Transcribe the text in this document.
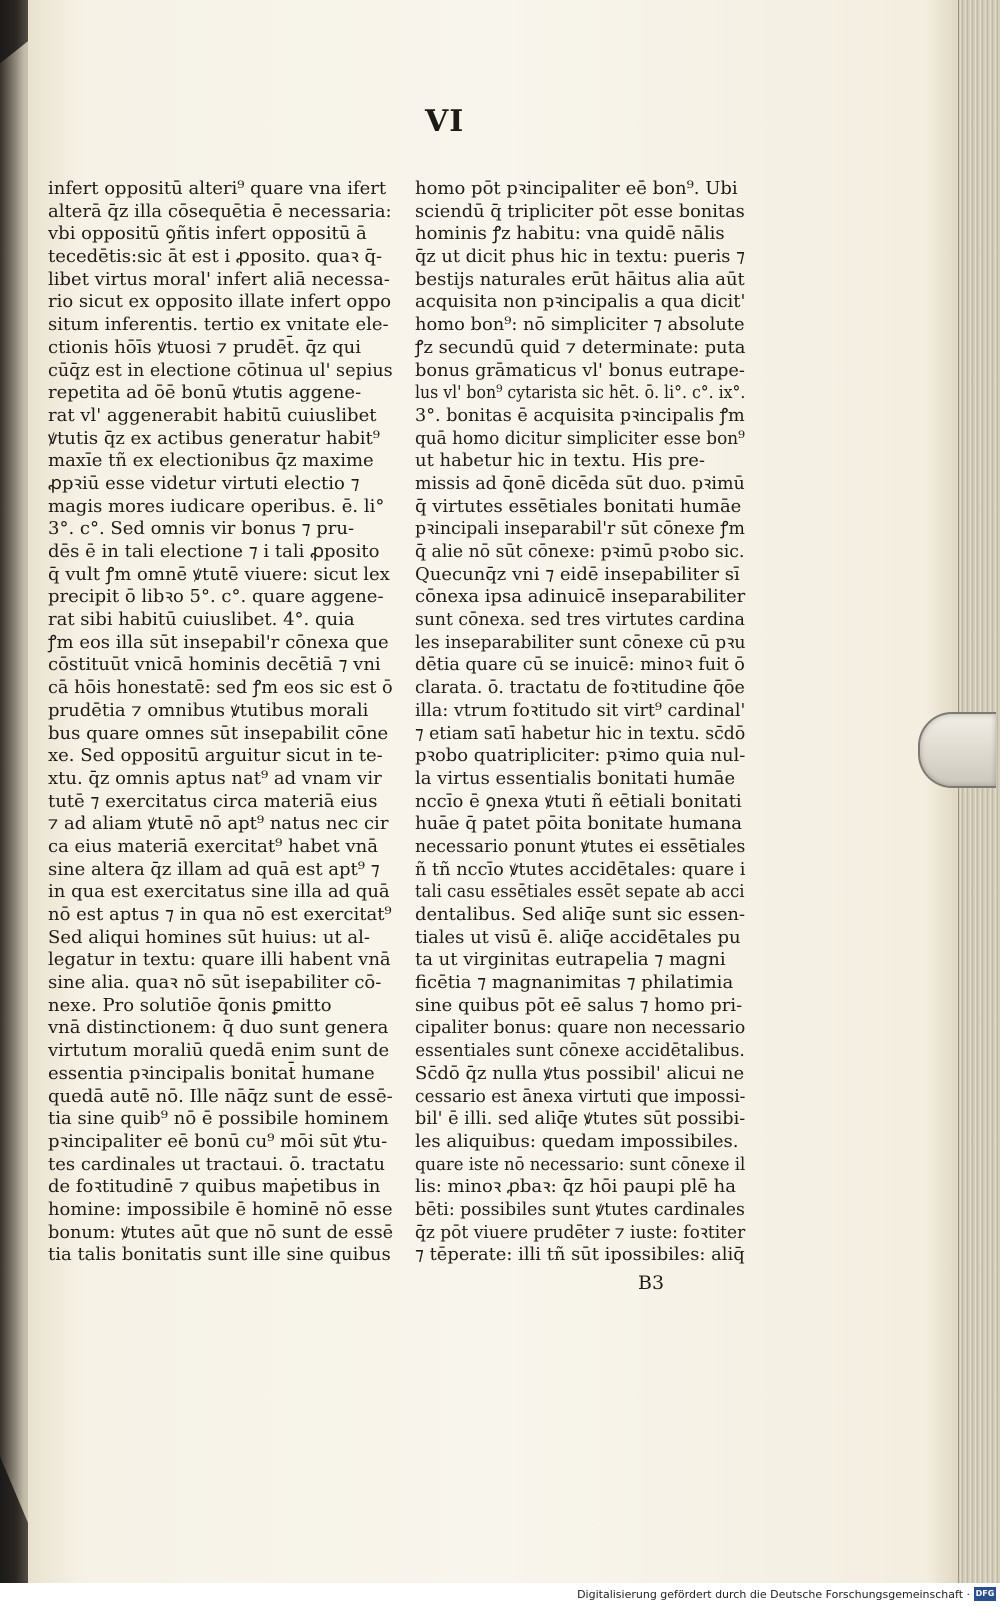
VI
infert oppositū alteri⁹ quare vna ifert
alterā q̄z illa cōsequētia ē necessaria:
vbi oppositū ꝯñtis infert oppositū ā
tecedētis:sic āt est i ꝓposito. quaꝛ q̄-
libet virtus moral' infert aliā necessa-
rio sicut ex opposito illate infert oppo
situm inferentis. tertio ex vnitate ele-
ctionis hōīs ꝟtuosi ⁊ prudēt̄. q̄z qui
cūq̄z est in electione cōtinua ul' sepius
repetita ad ōē bonū ꝟtutis aggene-
rat vl' aggenerabit habitū cuiuslibet
ꝟtutis q̄z ex actibus generatur habit⁹
maxīe tñ ex electionibus q̄z maxime
ꝓpꝛiū esse videtur virtuti electio ⁊
magis mores iudicare operibus. ē. li°
3°. c°. Sed omnis vir bonus ⁊ pru-
dēs ē in tali electione ⁊ i tali ꝓposito
q̄ vult ꝭm omnē ꝟtutē viuere: sicut lex
precipit ō libꝛo 5°. c°. quare aggene-
rat sibi habitū cuiuslibet. 4°. quia
ꝭm eos illa sūt insepabil'r cōnexa que
cōstituūt vnicā hominis decētiā ⁊ vni
cā hōis honestatē: sed ꝭm eos sic est ō
prudētia ⁊ omnibus ꝟtutibus morali
bus quare omnes sūt insepabilit cōne
xe. Sed oppositū arguitur sicut in te-
xtu. q̄z omnis aptus nat⁹ ad vnam vir
tutē ⁊ exercitatus circa materiā eius
⁊ ad aliam ꝟtutē nō apt⁹ natus nec cir
ca eius materiā exercitat⁹ habet vnā
sine altera q̄z illam ad quā est apt⁹ ⁊
in qua est exercitatus sine illa ad quā
nō est aptus ⁊ in qua nō est exercitat⁹
Sed aliqui homines sūt huius: ut al-
legatur in textu: quare illi habent vnā
sine alia. quaꝛ nō sūt isepabiliter cō-
nexe. Pro solutiōe q̄onis ꝑmitto
vnā distinctionem: q̄ duo sunt genera
virtutum moraliū quedā enim sunt de
essentia pꝛincipalis bonitat̄ humane
quedā autē nō. Ille nāq̄z sunt de essē-
tia sine quib⁹ nō ē possibile hominem
pꝛincipaliter eē bonū cu⁹ mōi sūt ꝟtu-
tes cardinales ut tractaui. ō. tractatu
de foꝛtitudinē ⁊ quibus maṗetibus in
homine: impossibile ē hominē nō esse
bonum: ꝟtutes aūt que nō sunt de essē
tia talis bonitatis sunt ille sine quibus
homo pōt pꝛincipaliter eē bon⁹. Ubi
sciendū q̄ tripliciter pōt esse bonitas
hominis ꝭz habitu: vna quidē nālis
q̄z ut dicit phus hic in textu: pueris ⁊
bestijs naturales erūt hāitus alia aūt
acquisita non pꝛincipalis a qua dicit'
homo bon⁹: nō simpliciter ⁊ absolute
ꝭz secundū quid ⁊ determinate: puta
bonus grāmaticus vl' bonus eutrape-
lus vl' bon⁹ cytarista sic hēt. ō. li°. c°. ix°.
3°. bonitas ē acquisita pꝛincipalis ꝭm
quā homo dicitur simpliciter esse bon⁹
ut habetur hic in textu. His pre-
missis ad q̄onē dicēda sūt duo. pꝛimū
q̄ virtutes essētiales bonitati humāe
pꝛincipali inseparabil'r sūt cōnexe ꝭm
q̄ alie nō sūt cōnexe: pꝛimū pꝛobo sic.
Quecunq̄z vni ⁊ eidē insepabiliter sī
cōnexa ipsa adinuicē inseparabiliter
sunt cōnexa. sed tres virtutes cardina
les inseparabiliter sunt cōnexe cū pꝛu
dētia quare cū se inuicē: minoꝛ fuit ō
clarata. ō. tractatu de foꝛtitudine q̄ōe
illa: vtrum foꝛtitudo sit virt⁹ cardinal'
⁊ etiam satī habetur hic in textu. sc̄dō
pꝛobo quatripliciter: pꝛimo quia nul-
la virtus essentialis bonitati humāe
nccīo ē ꝯnexa ꝟtuti ñ eētiali bonitati
huāe q̄ patet pōita bonitate humana
necessario ponunt ꝟtutes ei essētiales
ñ tñ nccīo ꝟtutes accidētales: quare i
tali casu essētiales essēt sepate ab acci
dentalibus. Sed aliq̄e sunt sic essen-
tiales ut visū ē. aliq̄e accidētales pu
ta ut virginitas eutrapelia ⁊ magni
ficētia ⁊ magnanimitas ⁊ philatimia
sine quibus pōt eē salus ⁊ homo pri-
cipaliter bonus: quare non necessario
essentiales sunt cōnexe accidētalibus.
Sc̄dō q̄z nulla ꝟtus possibil' alicui ne
cessario est ānexa virtuti que impossi-
bil' ē illi. sed aliq̄e ꝟtutes sūt possibi-
les aliquibus: quedam impossibiles.
quare iste nō necessario: sunt cōnexe il
lis: minoꝛ ꝓbaꝛ: q̄z hōi paupi plē ha
bēti: possibiles sunt ꝟtutes cardinales
q̄z pōt viuere prudēter ⁊ iuste: foꝛtiter
⁊ tēperate: illi tñ sūt ipossibiles: aliq̄
B3
Digitalisierung gefördert durch die Deutsche Forschungsgemeinschaft · DFG
